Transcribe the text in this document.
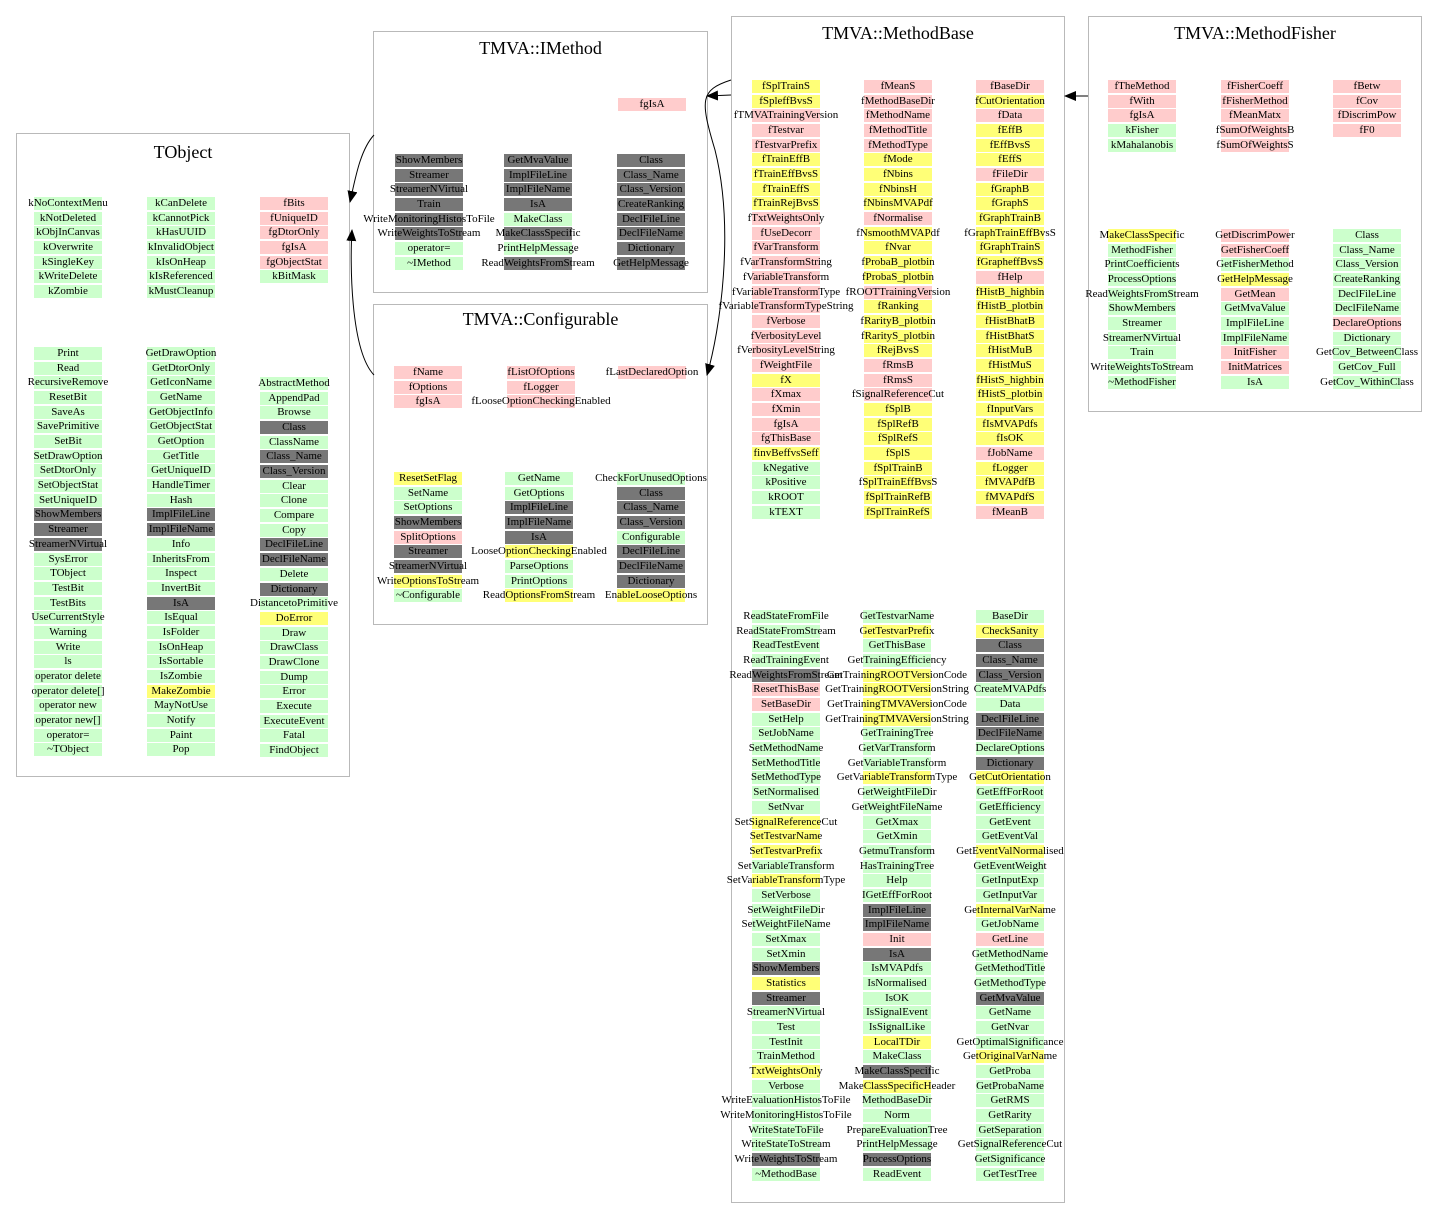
TObject
kNoContextMenu
kNotDeleted
kObjInCanvas
kOverwrite
kSingleKey
kWriteDelete
kZombie
kCanDelete
kCannotPick
kHasUUID
kInvalidObject
kIsOnHeap
kIsReferenced
kMustCleanup
fBits
fUniqueID
fgDtorOnly
fgIsA
fgObjectStat
kBitMask
Print
Read
RecursiveRemove
ResetBit
SaveAs
SavePrimitive
SetBit
SetDrawOption
SetDtorOnly
SetObjectStat
SetUniqueID
ShowMembers
Streamer
StreamerNVirtual
SysError
TObject
TestBit
TestBits
UseCurrentStyle
Warning
Write
ls
operator delete
operator delete[]
operator new
operator new[]
operator=
~TObject
GetDrawOption
GetDtorOnly
GetIconName
GetName
GetObjectInfo
GetObjectStat
GetOption
GetTitle
GetUniqueID
HandleTimer
Hash
ImplFileLine
ImplFileName
Info
InheritsFrom
Inspect
InvertBit
IsA
IsEqual
IsFolder
IsOnHeap
IsSortable
IsZombie
MakeZombie
MayNotUse
Notify
Paint
Pop
AbstractMethod
AppendPad
Browse
Class
ClassName
Class_Name
Class_Version
Clear
Clone
Compare
Copy
DeclFileLine
DeclFileName
Delete
Dictionary
DistancetoPrimitive
DoError
Draw
DrawClass
DrawClone
Dump
Error
Execute
ExecuteEvent
Fatal
FindObject
TMVA::IMethod
fgIsA
ShowMembers
Streamer
StreamerNVirtual
Train
WriteMonitoringHistosToFile
WriteWeightsToStream
operator=
~IMethod
GetMvaValue
ImplFileLine
ImplFileName
IsA
MakeClass
MakeClassSpecific
PrintHelpMessage
ReadWeightsFromStream
Class
Class_Name
Class_Version
CreateRanking
DeclFileLine
DeclFileName
Dictionary
GetHelpMessage
TMVA::Configurable
fName
fOptions
fgIsA
fListOfOptions
fLogger
fLooseOptionCheckingEnabled
fLastDeclaredOption
ResetSetFlag
SetName
SetOptions
ShowMembers
SplitOptions
Streamer
StreamerNVirtual
WriteOptionsToStream
~Configurable
GetName
GetOptions
ImplFileLine
ImplFileName
IsA
LooseOptionCheckingEnabled
ParseOptions
PrintOptions
ReadOptionsFromStream
CheckForUnusedOptions
Class
Class_Name
Class_Version
Configurable
DeclFileLine
DeclFileName
Dictionary
EnableLooseOptions
TMVA::MethodBase
fSplTrainS
fSpleffBvsS
fTMVATrainingVersion
fTestvar
fTestvarPrefix
fTrainEffB
fTrainEffBvsS
fTrainEffS
fTrainRejBvsS
fTxtWeightsOnly
fUseDecorr
fVarTransform
fVarTransformString
fVariableTransform
fVariableTransformType
fVariableTransformTypeString
fVerbose
fVerbosityLevel
fVerbosityLevelString
fWeightFile
fX
fXmax
fXmin
fgIsA
fgThisBase
finvBeffvsSeff
kNegative
kPositive
kROOT
kTEXT
fMeanS
fMethodBaseDir
fMethodName
fMethodTitle
fMethodType
fMode
fNbins
fNbinsH
fNbinsMVAPdf
fNormalise
fNsmoothMVAPdf
fNvar
fProbaB_plotbin
fProbaS_plotbin
fROOTTrainingVersion
fRanking
fRarityB_plotbin
fRarityS_plotbin
fRejBvsS
fRmsB
fRmsS
fSignalReferenceCut
fSplB
fSplRefB
fSplRefS
fSplS
fSplTrainB
fSplTrainEffBvsS
fSplTrainRefB
fSplTrainRefS
fBaseDir
fCutOrientation
fData
fEffB
fEffBvsS
fEffS
fFileDir
fGraphB
fGraphS
fGraphTrainB
fGraphTrainEffBvsS
fGraphTrainS
fGrapheffBvsS
fHelp
fHistB_highbin
fHistB_plotbin
fHistBhatB
fHistBhatS
fHistMuB
fHistMuS
fHistS_highbin
fHistS_plotbin
fInputVars
fIsMVAPdfs
fIsOK
fJobName
fLogger
fMVAPdfB
fMVAPdfS
fMeanB
ReadStateFromFile
ReadStateFromStream
ReadTestEvent
ReadTrainingEvent
ReadWeightsFromStream
ResetThisBase
SetBaseDir
SetHelp
SetJobName
SetMethodName
SetMethodTitle
SetMethodType
SetNormalised
SetNvar
SetSignalReferenceCut
SetTestvarName
SetTestvarPrefix
SetVariableTransform
SetVariableTransformType
SetVerbose
SetWeightFileDir
SetWeightFileName
SetXmax
SetXmin
ShowMembers
Statistics
Streamer
StreamerNVirtual
Test
TestInit
TrainMethod
TxtWeightsOnly
Verbose
WriteEvaluationHistosToFile
WriteMonitoringHistosToFile
WriteStateToFile
WriteStateToStream
WriteWeightsToStream
~MethodBase
GetTestvarName
GetTestvarPrefix
GetThisBase
GetTrainingEfficiency
GetTrainingROOTVersionCode
GetTrainingROOTVersionString
GetTrainingTMVAVersionCode
GetTrainingTMVAVersionString
GetTrainingTree
GetVarTransform
GetVariableTransform
GetVariableTransformType
GetWeightFileDir
GetWeightFileName
GetXmax
GetXmin
GetmuTransform
HasTrainingTree
Help
IGetEffForRoot
ImplFileLine
ImplFileName
Init
IsA
IsMVAPdfs
IsNormalised
IsOK
IsSignalEvent
IsSignalLike
LocalTDir
MakeClass
MakeClassSpecific
MakeClassSpecificHeader
MethodBaseDir
Norm
PrepareEvaluationTree
PrintHelpMessage
ProcessOptions
ReadEvent
BaseDir
CheckSanity
Class
Class_Name
Class_Version
CreateMVAPdfs
Data
DeclFileLine
DeclFileName
DeclareOptions
Dictionary
GetCutOrientation
GetEffForRoot
GetEfficiency
GetEvent
GetEventVal
GetEventValNormalised
GetEventWeight
GetInputExp
GetInputVar
GetInternalVarName
GetJobName
GetLine
GetMethodName
GetMethodTitle
GetMethodType
GetMvaValue
GetName
GetNvar
GetOptimalSignificance
GetOriginalVarName
GetProba
GetProbaName
GetRMS
GetRarity
GetSeparation
GetSignalReferenceCut
GetSignificance
GetTestTree
TMVA::MethodFisher
fTheMethod
fWith
fgIsA
kFisher
kMahalanobis
fFisherCoeff
fFisherMethod
fMeanMatx
fSumOfWeightsB
fSumOfWeightsS
fBetw
fCov
fDiscrimPow
fF0
MakeClassSpecific
MethodFisher
PrintCoefficients
ProcessOptions
ReadWeightsFromStream
ShowMembers
Streamer
StreamerNVirtual
Train
WriteWeightsToStream
~MethodFisher
GetDiscrimPower
GetFisherCoeff
GetFisherMethod
GetHelpMessage
GetMean
GetMvaValue
ImplFileLine
ImplFileName
InitFisher
InitMatrices
IsA
Class
Class_Name
Class_Version
CreateRanking
DeclFileLine
DeclFileName
DeclareOptions
Dictionary
GetCov_BetweenClass
GetCov_Full
GetCov_WithinClass
